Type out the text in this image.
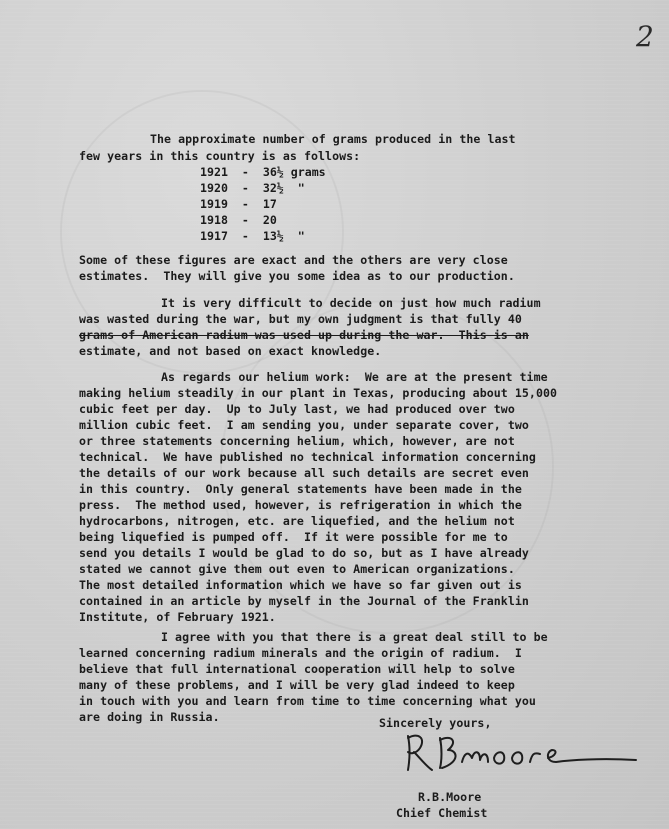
2
The approximate number of grams produced in the last
few years in this country is as follows:
1921 - 36½ grams
1920 - 32½  "
1919 - 17
1918 - 20
1917 - 13½  "
Some of these figures are exact and the others are very close
estimates.  They will give you some idea as to our production.
It is very difficult to decide on just how much radium
was wasted during the war, but my own judgment is that fully 40
grams of American radium was used up during the war.  This is an
estimate, and not based on exact knowledge.
As regards our helium work:  We are at the present time
making helium steadily in our plant in Texas, producing about 15,000
cubic feet per day.  Up to July last, we had produced over two
million cubic feet.  I am sending you, under separate cover, two
or three statements concerning helium, which, however, are not
technical.  We have published no technical information concerning
the details of our work because all such details are secret even
in this country.  Only general statements have been made in the
press.  The method used, however, is refrigeration in which the
hydrocarbons, nitrogen, etc. are liquefied, and the helium not
being liquefied is pumped off.  If it were possible for me to
send you details I would be glad to do so, but as I have already
stated we cannot give them out even to American organizations.
The most detailed information which we have so far given out is
contained in an article by myself in the Journal of the Franklin
Institute, of February 1921.
I agree with you that there is a great deal still to be
learned concerning radium minerals and the origin of radium.  I
believe that full international cooperation will help to solve
many of these problems, and I will be very glad indeed to keep
in touch with you and learn from time to time concerning what you
are doing in Russia.	Sincerely yours,
R.B.Moore
Chief Chemist
